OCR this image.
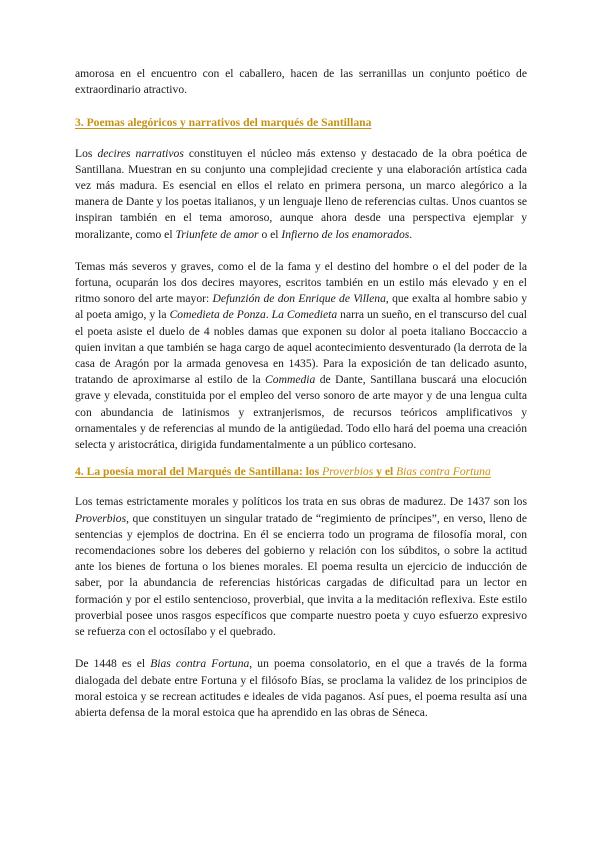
amorosa en el encuentro con el caballero, hacen de las serranillas un conjunto poético de extraordinario atractivo.

3. Poemas alegóricos y narrativos del marqués de Santillana

Los decires narrativos constituyen el núcleo más extenso y destacado de la obra poética de Santillana. Muestran en su conjunto una complejidad creciente y una elaboración artística cada vez más madura. Es esencial en ellos el relato en primera persona, un marco alegórico a la manera de Dante y los poetas italianos, y un lenguaje lleno de referencias cultas. Unos cuantos se inspiran también en el tema amoroso, aunque ahora desde una perspectiva ejemplar y moralizante, como el Triunfete de amor o el Infierno de los enamorados.

Temas más severos y graves, como el de la fama y el destino del hombre o el del poder de la fortuna, ocuparán los dos decires mayores, escritos también en un estilo más elevado y en el ritmo sonoro del arte mayor: Defunzión de don Enrique de Villena, que exalta al hombre sabio y al poeta amigo, y la Comedieta de Ponza. La Comedieta narra un sueño, en el transcurso del cual el poeta asiste el duelo de 4 nobles damas que exponen su dolor al poeta italiano Boccaccio a quien invitan a que también se haga cargo de aquel acontecimiento desventurado (la derrota de la casa de Aragón por la armada genovesa en 1435). Para la exposición de tan delicado asunto, tratando de aproximarse al estilo de la Commedia de Dante, Santillana buscará una elocución grave y elevada, constituida por el empleo del verso sonoro de arte mayor y de una lengua culta con abundancia de latinismos y extranjerismos, de recursos teóricos amplificativos y ornamentales y de referencias al mundo de la antigüedad. Todo ello hará del poema una creación selecta y aristocrática, dirigida fundamentalmente a un público cortesano.

4. La poesía moral del Marqués de Santillana: los Proverbios y el Bias contra Fortuna

Los temas estrictamente morales y políticos los trata en sus obras de madurez. De 1437 son los Proverbios, que constituyen un singular tratado de “regimiento de príncipes”, en verso, lleno de sentencias y ejemplos de doctrina. En él se encierra todo un programa de filosofía moral, con recomendaciones sobre los deberes del gobierno y relación con los súbditos, o sobre la actitud ante los bienes de fortuna o los bienes morales. El poema resulta un ejercicio de inducción de saber, por la abundancia de referencias históricas cargadas de dificultad para un lector en formación y por el estilo sentencioso, proverbial, que invita a la meditación reflexiva. Este estilo proverbial posee unos rasgos específicos que comparte nuestro poeta y cuyo esfuerzo expresivo se refuerza con el octosílabo y el quebrado.

De 1448 es el Bias contra Fortuna, un poema consolatorio, en el que a través de la forma dialogada del debate entre Fortuna y el filósofo Bías, se proclama la validez de los principios de moral estoica y se recrean actitudes e ideales de vida paganos. Así pues, el poema resulta así una abierta defensa de la moral estoica que ha aprendido en las obras de Séneca.
